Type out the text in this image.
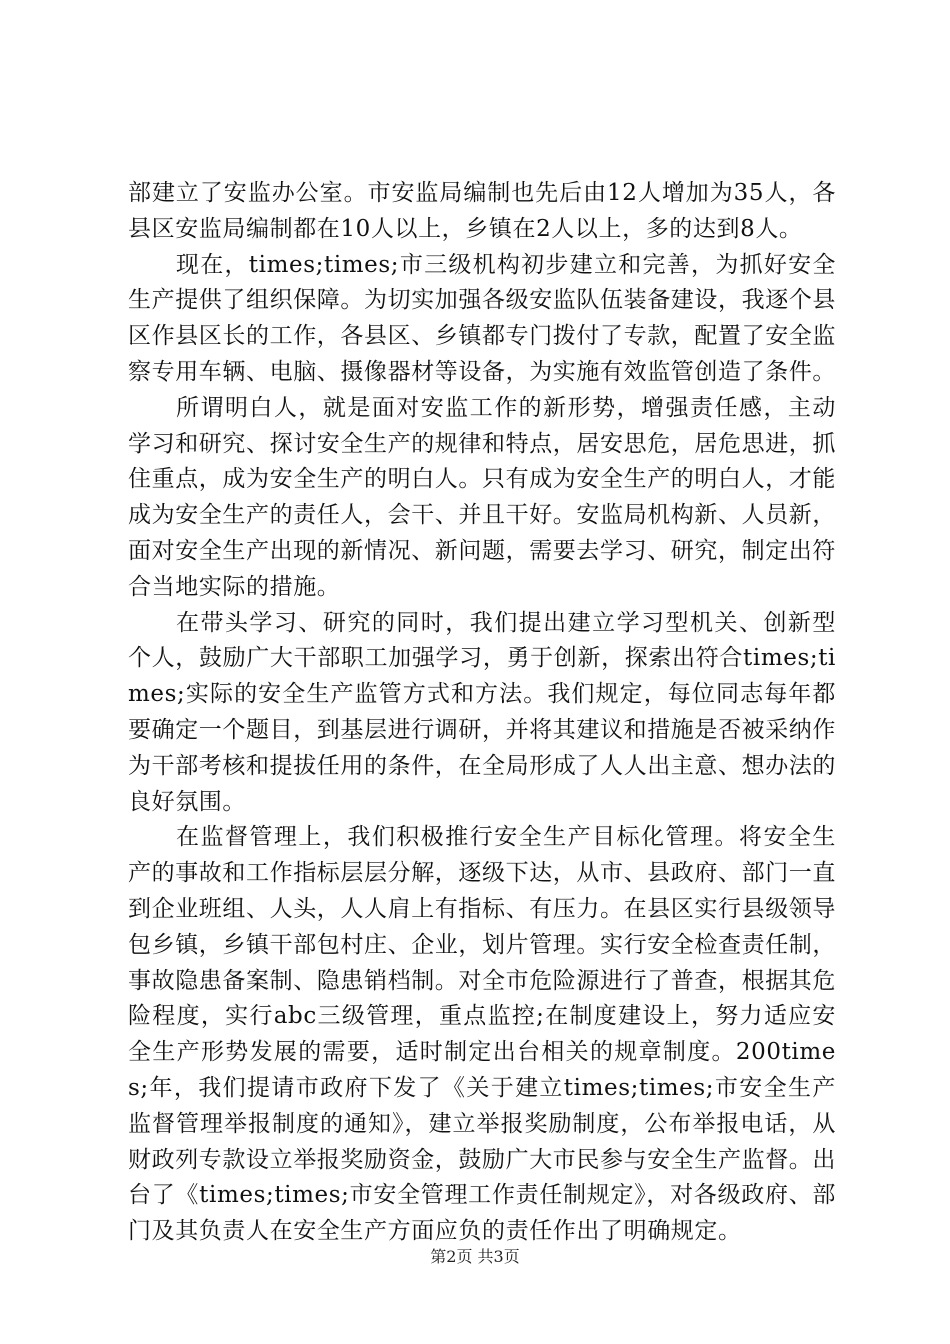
部建立了安监办公室。市安监局编制也先后由12人增加为35人，各县区安监局编制都在10人以上，乡镇在2人以上，多的达到8人。

现在，times;times;市三级机构初步建立和完善，为抓好安全生产提供了组织保障。为切实加强各级安监队伍装备建设，我逐个县区作县区长的工作，各县区、乡镇都专门拨付了专款，配置了安全监察专用车辆、电脑、摄像器材等设备，为实施有效监管创造了条件。

所谓明白人，就是面对安监工作的新形势，增强责任感，主动学习和研究、探讨安全生产的规律和特点，居安思危，居危思进，抓住重点，成为安全生产的明白人。只有成为安全生产的明白人，才能成为安全生产的责任人，会干、并且干好。安监局机构新、人员新，面对安全生产出现的新情况、新问题，需要去学习、研究，制定出符合当地实际的措施。

在带头学习、研究的同时，我们提出建立学习型机关、创新型个人，鼓励广大干部职工加强学习，勇于创新，探索出符合times;times;实际的安全生产监管方式和方法。我们规定，每位同志每年都要确定一个题目，到基层进行调研，并将其建议和措施是否被采纳作为干部考核和提拔任用的条件，在全局形成了人人出主意、想办法的良好氛围。

在监督管理上，我们积极推行安全生产目标化管理。将安全生产的事故和工作指标层层分解，逐级下达，从市、县政府、部门一直到企业班组、人头，人人肩上有指标、有压力。在县区实行县级领导包乡镇，乡镇干部包村庄、企业，划片管理。实行安全检查责任制，事故隐患备案制、隐患销档制。对全市危险源进行了普查，根据其危险程度，实行abc三级管理，重点监控;在制度建设上，努力适应安全生产形势发展的需要，适时制定出台相关的规章制度。200times;年，我们提请市政府下发了《关于建立times;times;市安全生产监督管理举报制度的通知》，建立举报奖励制度，公布举报电话，从财政列专款设立举报奖励资金，鼓励广大市民参与安全生产监督。出台了《times;times;市安全管理工作责任制规定》，对各级政府、部门及其负责人在安全生产方面应负的责任作出了明确规定。

第2页 共3页
